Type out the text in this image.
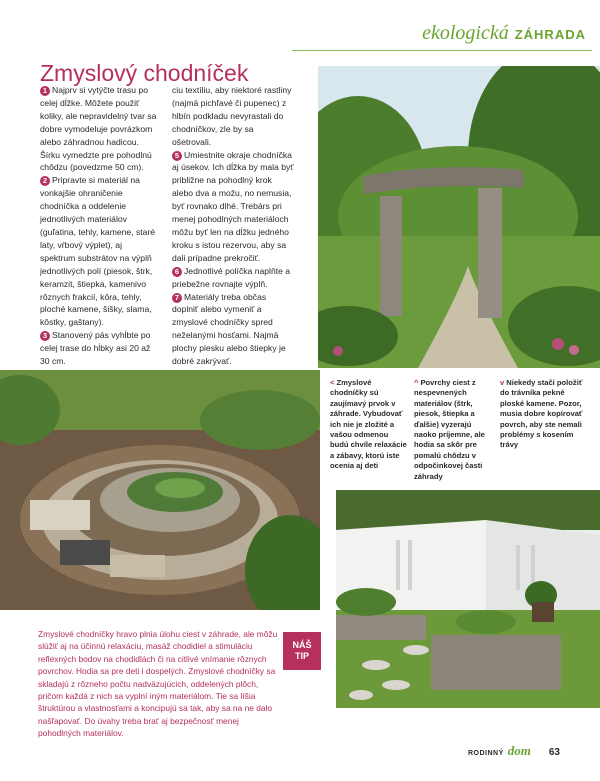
ekologická ZÁHRADA
Zmyslový chodníček

1 Najprv si vytýčte trasu po celej dĺžke. Môžete použiť koliky, ale nepravidelný tvar sa dobre vymodeluje povrázkom alebo záhradnou hadicou. Šírku vymedzte pre pohodlnú chôdzu (povedzme 50 cm).

2 Pripravte si materiál na vonkajšie ohraničenie chodníčka a oddelenie jednotlivých materiálov (guľatina, tehly, kamene, staré laty, vŕbový výplet), aj spektrum substrátov na výplň jednotlivých polí (piesok, štrk, keramzit, štiepka, kamenivo rôznych frakcií, kôra, tehly, ploché kamene, šišky, slama, kôstky, gaštany).

3 Stanovený pás vyhĺbte po celej trase do hĺbky asi 20 až 30 cm.

ciu textíliu, aby niektoré rastliny (najmä pichľavé či pupenec) z hlbín podkladu nevyrastali do chodníčkov, zle by sa ošetrovali.

5 Umiestnite okraje chodníčka aj úsekov. Ich dĺžka by mala byť približne na pohodlný krok alebo dva a možu, no nemusia, byť rovnako dlhé. Trebárs pri menej pohodlných materiáloch môžu byť len na dĺžku jedného kroku s istou rezervou, aby sa dali prípadne prekročiť.

6 Jednotlivé políčka naplňte a priebežne rovnajte výplň.

7 Materiály treba občas doplniť alebo vymeniť a zmyslové chodníčky spred neželanými hosťami. Najmä plochy piesku alebo štiepky je dobré zakrývať.

< Zmyslové chodníčky sú zaujímavý prvok v záhrade. Vybudovať ich nie je zložité a vašou odmenou budú chvíle relaxácie a zábavy, ktorú iste ocenia aj deti
^ Povrchy ciest z nespevnených materiálov (štrk, piesok, štiepka a ďalšie) vyzerajú naoko príjemne, ale hodia sa skôr pre pomalú chôdzu v odpočinkovej časti záhrady
v Niekedy stačí položiť do trávníka pekné ploské kamene. Pozor, musia dobre kopírovať povrch, aby ste nemali problémy s kosením trávy
Zmyslové chodníčky hravo plnia úlohu ciest v záhrade, ale môžu slúžiť aj na účinnú relaxáciu, masáž chodidiel a stimuláciu reflexných bodov na chodidlách či na citlivé vnímanie rôznych povrchov. Hodia sa pre deti i dospelých. Zmyslové chodníčky sa skladajú z rôzneho počtu nadväzujúcich, oddelených plôch, pričom každá z nich sa vyplní iným materiálom. Tie sa líšia štruktúrou a vlastnosťami a koncipujú sa tak, aby sa na ne dalo našľapovať. Do úvahy treba brať aj bezpečnosť menej pohodlných materiálov.
NÁŠ
TIP
RODINNÝ dom 63
